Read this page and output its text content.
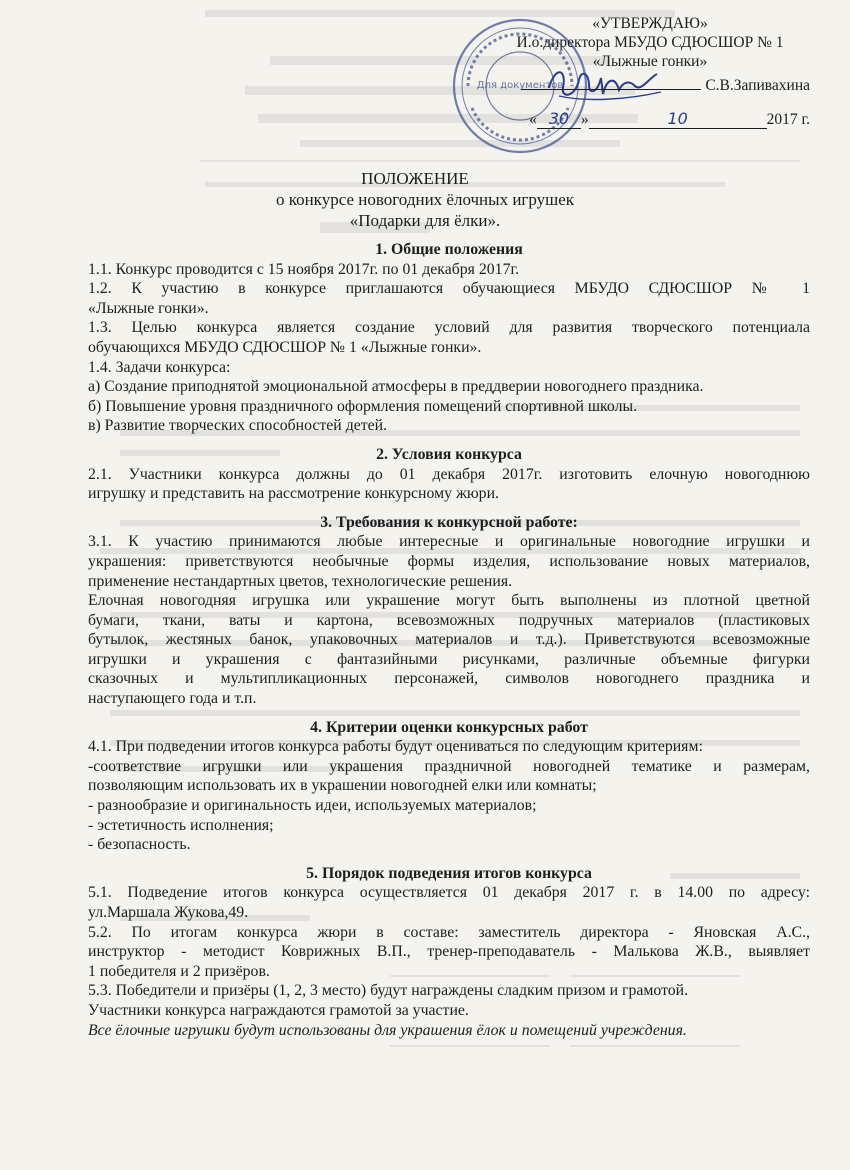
Для документов
«УТВЕРЖДАЮ»
И.о.директора МБУДО СДЮСШОР № 1
«Лыжные гонки»
С.В.Запивахина
« 30 »	10	2017 г.
ПОЛОЖЕНИЕ
о конкурсе новогодних ёлочных игрушек
«Подарки для ёлки».

1. Общие положения

1.1. Конкурс проводится с 15 ноября 2017г. по 01 декабря 2017г.

1.2. К участию в конкурсе приглашаются обучающиеся МБУДО СДЮСШОР № 1

«Лыжные гонки».

1.3. Целью конкурса является создание условий для развития творческого потенциала

обучающихся МБУДО СДЮСШОР № 1 «Лыжные гонки».

1.4. Задачи конкурса:

а) Создание приподнятой эмоциональной атмосферы в преддверии новогоднего праздника.

б) Повышение уровня праздничного оформления помещений спортивной школы.

в) Развитие творческих способностей детей.

2. Условия конкурса

2.1. Участники конкурса должны до 01 декабря 2017г. изготовить елочную новогоднюю

игрушку и представить на рассмотрение конкурсному жюри.

3. Требования к конкурсной работе:

3.1. К участию принимаются любые интересные и оригинальные новогодние игрушки и

украшения: приветствуются необычные формы изделия, использование новых материалов,

применение нестандартных цветов, технологические решения.

Елочная новогодняя игрушка или украшение могут быть выполнены из плотной цветной

бумаги, ткани, ваты и картона, всевозможных подручных материалов (пластиковых

бутылок, жестяных банок, упаковочных материалов и т.д.). Приветствуются всевозможные

игрушки и украшения с фантазийными рисунками, различные объемные фигурки

сказочных и мультипликационных персонажей, символов новогоднего праздника и

наступающего года и т.п.

4. Критерии оценки конкурсных работ

4.1. При подведении итогов конкурса работы будут оцениваться по следующим критериям:

-соответствие игрушки или украшения праздничной новогодней тематике и размерам,

позволяющим использовать их в украшении новогодней елки или комнаты;

- разнообразие и оригинальность идеи, используемых материалов;

- эстетичность исполнения;

- безопасность.

5. Порядок подведения итогов конкурса

5.1. Подведение итогов конкурса осуществляется 01 декабря 2017 г. в 14.00 по адресу:

ул.Маршала Жукова,49.

5.2. По итогам конкурса жюри в составе: заместитель директора - Яновская А.С.,

инструктор - методист Коврижных В.П., тренер-преподаватель - Малькова Ж.В., выявляет

1 победителя и 2 призёров.

5.3. Победители и призёры (1, 2, 3 место) будут награждены сладким призом и грамотой.

Участники конкурса награждаются грамотой за участие.

Все ёлочные игрушки будут использованы для украшения ёлок и помещений учреждения.
